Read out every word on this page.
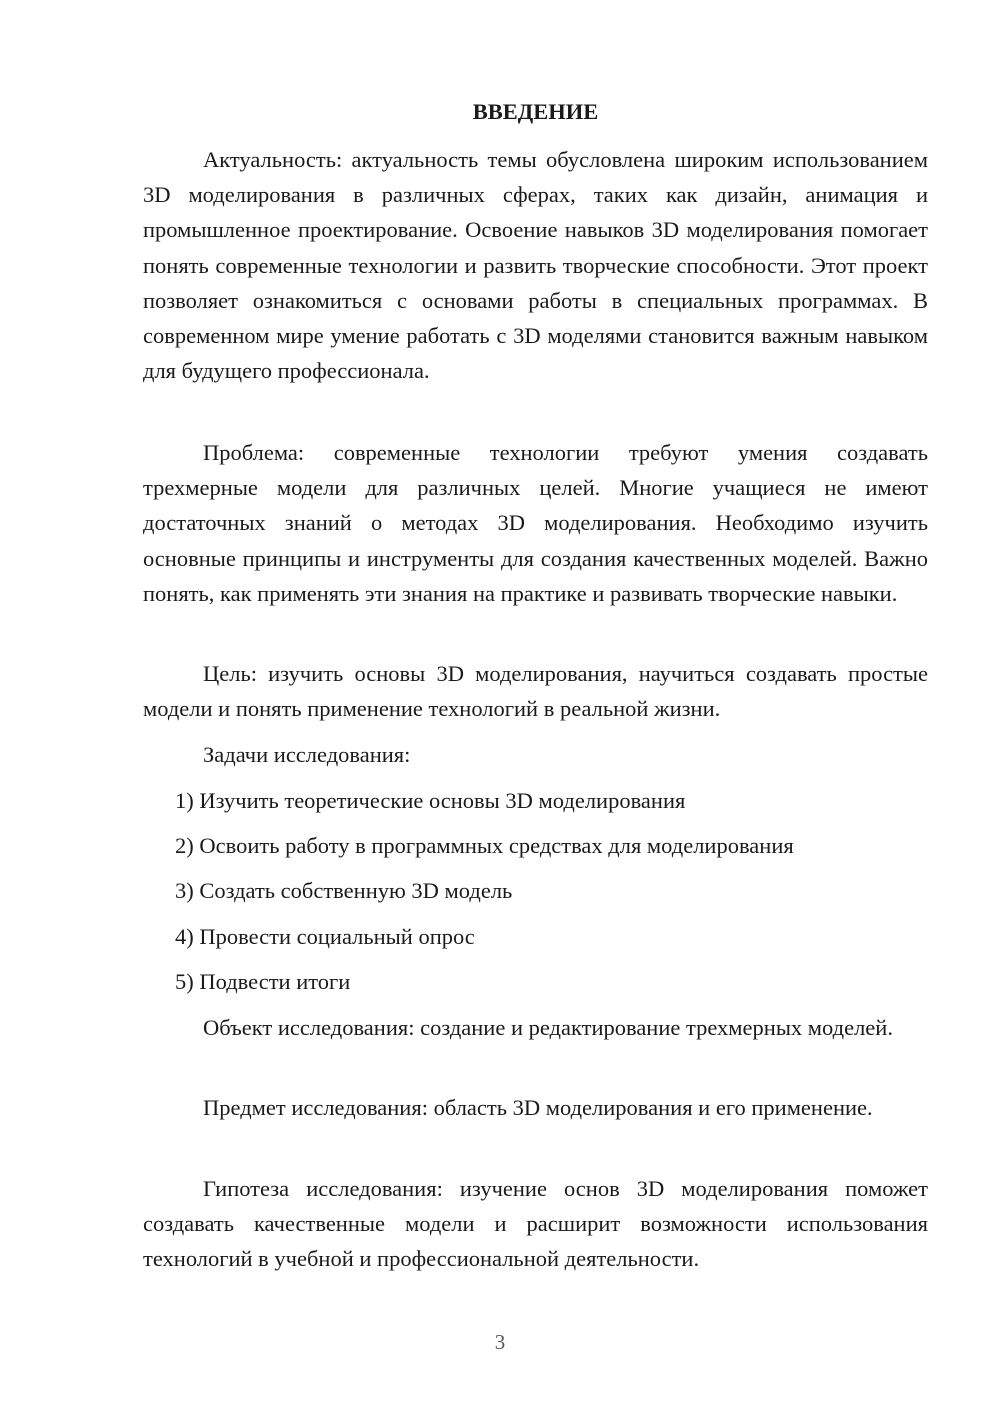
ВВЕДЕНИЕ

Актуальность: актуальность темы обусловлена широким использованием 3D моделирования в различных сферах, таких как дизайн, анимация и промышленное проектирование. Освоение навыков 3D моделирования помогает понять современные технологии и развить творческие способности. Этот проект позволяет ознакомиться с основами работы в специальных программах. В современном мире умение работать с 3D моделями становится важным навыком для будущего профессионала.

Проблема: современные технологии требуют умения создавать трехмерные модели для различных целей. Многие учащиеся не имеют достаточных знаний о методах 3D моделирования. Необходимо изучить основные принципы и инструменты для создания качественных моделей. Важно понять, как применять эти знания на практике и развивать творческие навыки.

Цель: изучить основы 3D моделирования, научиться создавать простые модели и понять применение технологий в реальной жизни.

Задачи исследования:

1) Изучить теоретические основы 3D моделирования

2) Освоить работу в программных средствах для моделирования

3) Создать собственную 3D модель

4) Провести социальный опрос

5) Подвести итоги

Объект исследования: создание и редактирование трехмерных моделей.

Предмет исследования: область 3D моделирования и его применение.

Гипотеза исследования: изучение основ 3D моделирования поможет создавать качественные модели и расширит возможности использования технологий в учебной и профессиональной деятельности.

3
